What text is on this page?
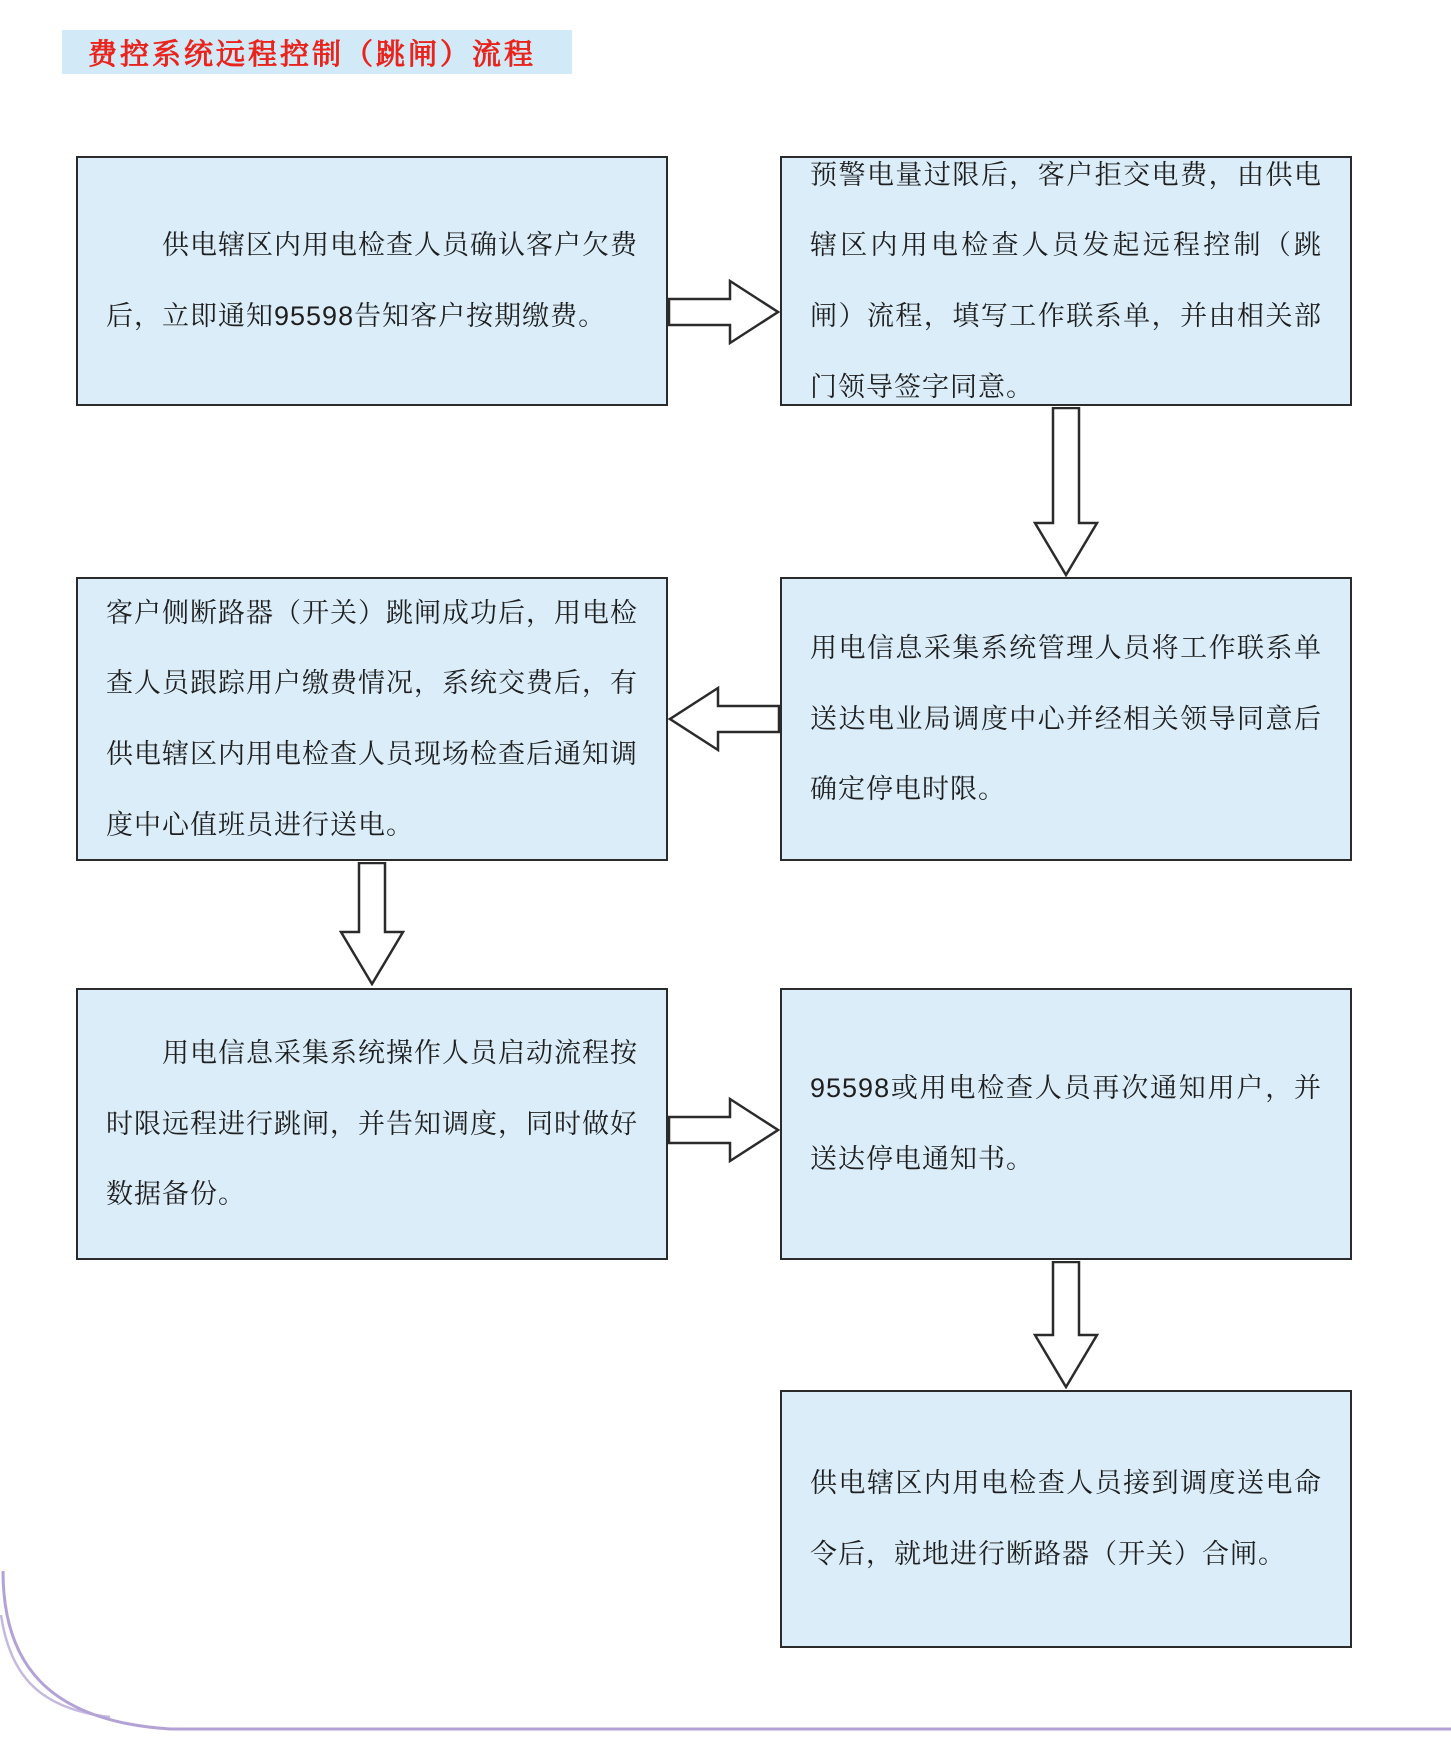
费控系统远程控制（跳闸）流程

供电辖区内用电检查人员确认客户欠费后，立即通知95598告知客户按期缴费。

预警电量过限后，客户拒交电费，由供电辖区内用电检查人员发起远程控制（跳闸）流程，填写工作联系单，并由相关部门领导签字同意。

用电信息采集系统管理人员将工作联系单送达电业局调度中心并经相关领导同意后确定停电时限。

客户侧断路器（开关）跳闸成功后，用电检查人员跟踪用户缴费情况，系统交费后，有供电辖区内用电检查人员现场检查后通知调度中心值班员进行送电。

用电信息采集系统操作人员启动流程按时限远程进行跳闸，并告知调度，同时做好数据备份。

95598或用电检查人员再次通知用户，并送达停电通知书。

供电辖区内用电检查人员接到调度送电命令后，就地进行断路器（开关）合闸。
